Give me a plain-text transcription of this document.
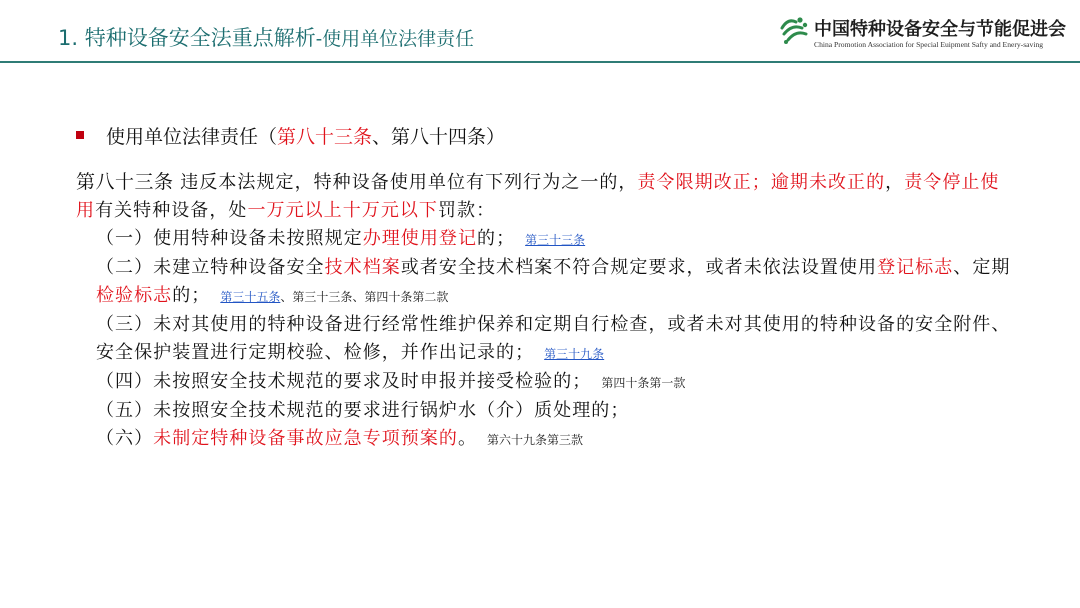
1. 特种设备安全法重点解析-使用单位法律责任	中国特种设备安全与节能促进会
China Promotion Association for Special Euipment Safty and Enery-saving
使用单位法律责任（第八十三条、第八十四条）
第八十三条 违反本法规定，特种设备使用单位有下列行为之一的，责令限期改正；逾期未改正的，责令停止使用有关特种设备，处一万元以上十万元以下罚款：
（一）使用特种设备未按照规定办理使用登记的； 第三十三条
（二）未建立特种设备安全技术档案或者安全技术档案不符合规定要求，或者未依法设置使用登记标志、定期检验标志的； 第三十五条、第三十三条、第四十条第二款
（三）未对其使用的特种设备进行经常性维护保养和定期自行检查，或者未对其使用的特种设备的安全附件、安全保护装置进行定期校验、检修，并作出记录的； 第三十九条
（四）未按照安全技术规范的要求及时申报并接受检验的； 第四十条第一款
（五）未按照安全技术规范的要求进行锅炉水（介）质处理的；
（六）未制定特种设备事故应急专项预案的。 第六十九条第三款
